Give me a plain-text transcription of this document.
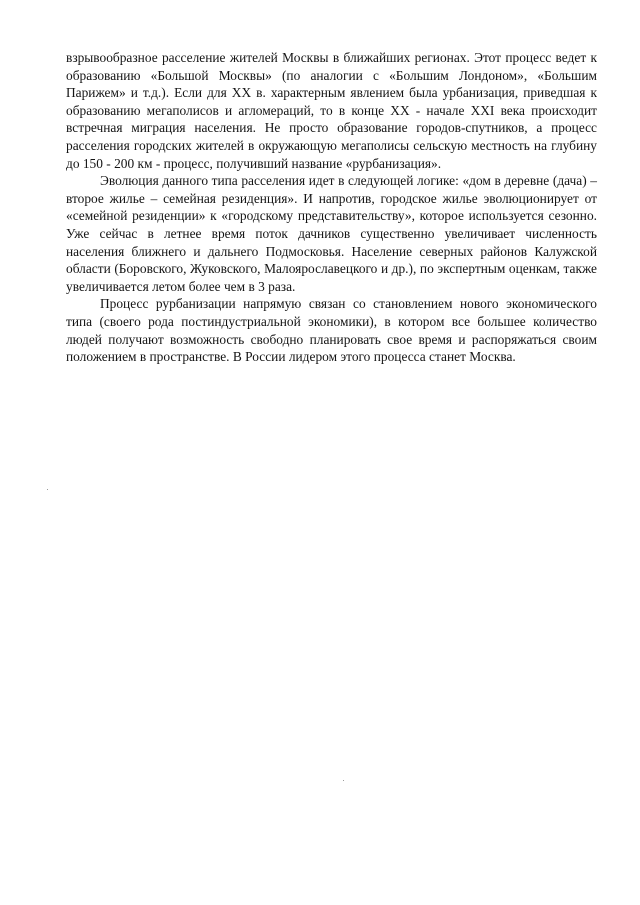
взрывообразное расселение жителей Москвы в ближайших регионах. Этот процесс ведет к образованию «Большой Москвы» (по аналогии с «Большим Лондоном», «Большим Парижем» и т.д.). Если для XX в. характерным явлением была урбанизация, приведшая к образованию мегаполисов и агломераций, то в конце XX - начале XXI века происходит встречная миграция населения. Не просто образование городов-спутников, а процесс расселения городских жителей в окружающую мегаполисы сельскую местность на глубину до 150 - 200 км - процесс, получивший название «рурбанизация».

Эволюция данного типа расселения идет в следующей логике: «дом в деревне (дача) – второе жилье – семейная резиденция». И напротив, городское жилье эволюционирует от «семейной резиденции» к «городскому представительству», которое используется сезонно. Уже сейчас в летнее время поток дачников существенно увеличивает численность населения ближнего и дальнего Подмосковья. Население северных районов Калужской области (Боровского, Жуковского, Малоярославецкого и др.), по экспертным оценкам, также увеличивается летом более чем в 3 раза.

Процесс рурбанизации напрямую связан со становлением нового экономического типа (своего рода постиндустриальной экономики), в котором все большее количество людей получают возможность свободно планировать свое время и распоряжаться своим положением в пространстве. В России лидером этого процесса станет Москва.
